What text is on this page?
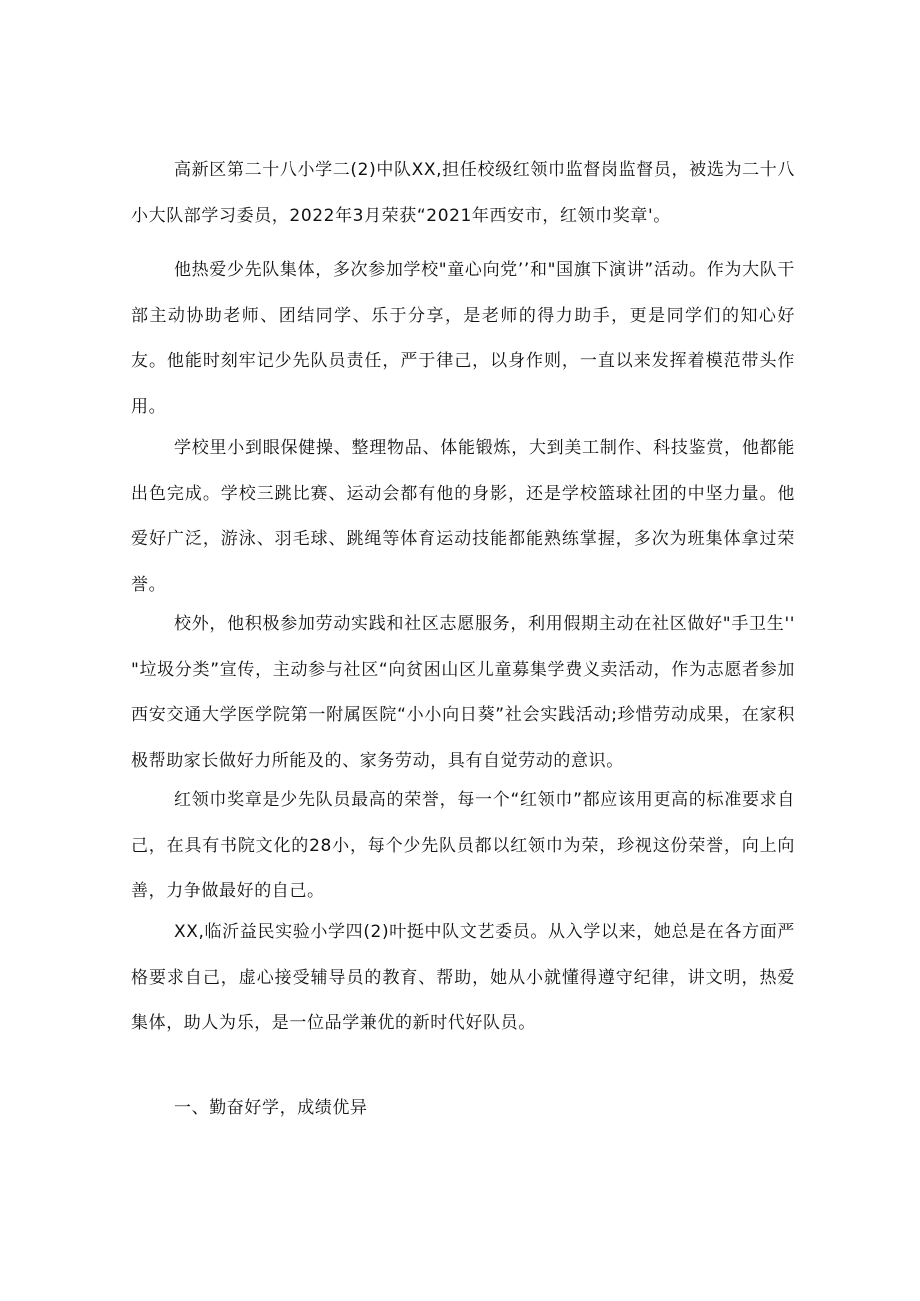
高新区第二十八小学二(2)中队XX,担任校级红领巾监督岗监督员，被选为二十八小大队部学习委员，2022年3月荣获“2021年西安市，红领巾奖章'。

他热爱少先队集体，多次参加学校"童心向党’’和"国旗下演讲”活动。作为大队干部主动协助老师、团结同学、乐于分享，是老师的得力助手，更是同学们的知心好友。他能时刻牢记少先队员责任，严于律己，以身作则，一直以来发挥着模范带头作用。

学校里小到眼保健操、整理物品、体能锻炼，大到美工制作、科技鉴赏，他都能出色完成。学校三跳比赛、运动会都有他的身影，还是学校篮球社团的中坚力量。他爱好广泛，游泳、羽毛球、跳绳等体育运动技能都能熟练掌握，多次为班集体拿过荣誉。

校外，他积极参加劳动实践和社区志愿服务，利用假期主动在社区做好"手卫生'' "垃圾分类”宣传，主动参与社区“向贫困山区儿童募集学费义卖活动，作为志愿者参加西安交通大学医学院第一附属医院“小小向日葵”社会实践活动;珍惜劳动成果，在家积极帮助家长做好力所能及的、家务劳动，具有自觉劳动的意识。

红领巾奖章是少先队员最高的荣誉，每一个“红领巾”都应该用更高的标准要求自己，在具有书院文化的28小，每个少先队员都以红领巾为荣，珍视这份荣誉，向上向善，力争做最好的自己。

XX,临沂益民实验小学四(2)叶挺中队文艺委员。从入学以来，她总是在各方面严格要求自己，虚心接受辅导员的教育、帮助，她从小就懂得遵守纪律，讲文明，热爱集体，助人为乐，是一位品学兼优的新时代好队员。

一、勤奋好学，成绩优异
